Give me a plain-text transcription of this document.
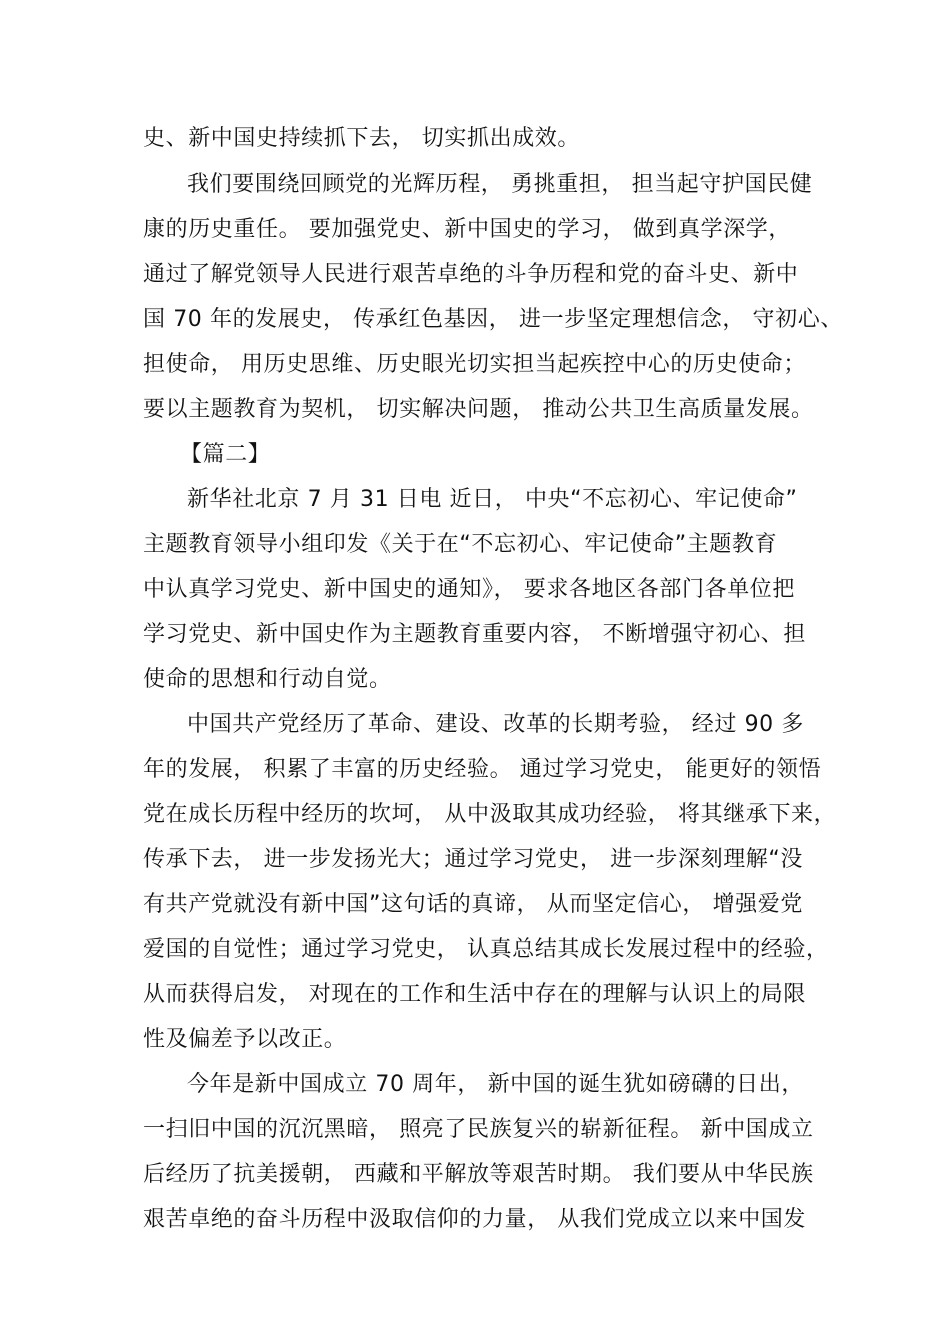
史、新中国史持续抓下去， 切实抓出成效。
我们要围绕回顾党的光辉历程， 勇挑重担， 担当起守护国民健
康的历史重任。 要加强党史、新中国史的学习， 做到真学深学，
通过了解党领导人民进行艰苦卓绝的斗争历程和党的奋斗史、新中
国 70 年的发展史， 传承红色基因， 进一步坚定理想信念， 守初心、
担使命， 用历史思维、历史眼光切实担当起疾控中心的历史使命；
要以主题教育为契机， 切实解决问题， 推动公共卫生高质量发展。
【篇二】
新华社北京 7 月 31 日电 近日， 中央“不忘初心、牢记使命”
主题教育领导小组印发《关于在“不忘初心、牢记使命”主题教育
中认真学习党史、新中国史的通知》， 要求各地区各部门各单位把
学习党史、新中国史作为主题教育重要内容， 不断增强守初心、担
使命的思想和行动自觉。
中国共产党经历了革命、建设、改革的长期考验， 经过 90 多
年的发展， 积累了丰富的历史经验。 通过学习党史， 能更好的领悟
党在成长历程中经历的坎坷， 从中汲取其成功经验， 将其继承下来，
传承下去， 进一步发扬光大；通过学习党史， 进一步深刻理解“没
有共产党就没有新中国”这句话的真谛， 从而坚定信心， 增强爱党
爱国的自觉性；通过学习党史， 认真总结其成长发展过程中的经验，
从而获得启发， 对现在的工作和生活中存在的理解与认识上的局限
性及偏差予以改正。
今年是新中国成立 70 周年， 新中国的诞生犹如磅礴的日出，
一扫旧中国的沉沉黑暗， 照亮了民族复兴的崭新征程。 新中国成立
后经历了抗美援朝， 西藏和平解放等艰苦时期。 我们要从中华民族
艰苦卓绝的奋斗历程中汲取信仰的力量， 从我们党成立以来中国发
